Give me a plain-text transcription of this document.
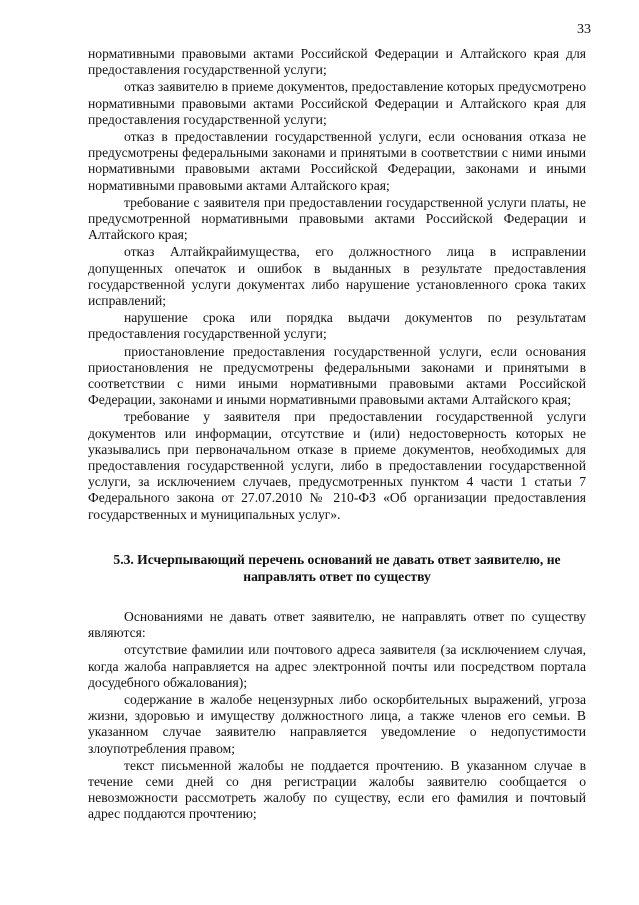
33

нормативными правовыми актами Российской Федерации и Алтайского края для предоставления государственной услуги;

отказ заявителю в приеме документов, предоставление которых предусмотрено нормативными правовыми актами Российской Федерации и Алтайского края для предоставления государственной услуги;

отказ в предоставлении государственной услуги, если основания отказа не предусмотрены федеральными законами и принятыми в соответствии с ними иными нормативными правовыми актами Российской Федерации, законами и иными нормативными правовыми актами Алтайского края;

требование с заявителя при предоставлении государственной услуги платы, не предусмотренной нормативными правовыми актами Российской Федерации и Алтайского края;

отказ Алтайкрайимущества, его должностного лица в исправлении допущенных опечаток и ошибок в выданных в результате предоставления государственной услуги документах либо нарушение установленного срока таких исправлений;

нарушение срока или порядка выдачи документов по результатам предоставления государственной услуги;

приостановление предоставления государственной услуги, если основания приостановления не предусмотрены федеральными законами и принятыми в соответствии с ними иными нормативными правовыми актами Российской Федерации, законами и иными нормативными правовыми актами Алтайского края;

требование у заявителя при предоставлении государственной услуги документов или информации, отсутствие и (или) недостоверность которых не указывались при первоначальном отказе в приеме документов, необходимых для предоставления государственной услуги, либо в предоставлении государственной услуги, за исключением случаев, предусмотренных пунктом 4 части 1 статьи 7 Федерального закона от 27.07.2010 № 210-ФЗ «Об организации предоставления государственных и муниципальных услуг».

5.3. Исчерпывающий перечень оснований не давать ответ заявителю, не направлять ответ по существу

Основаниями не давать ответ заявителю, не направлять ответ по существу являются:

отсутствие фамилии или почтового адреса заявителя (за исключением случая, когда жалоба направляется на адрес электронной почты или посредством портала досудебного обжалования);

содержание в жалобе нецензурных либо оскорбительных выражений, угроза жизни, здоровью и имуществу должностного лица, а также членов его семьи. В указанном случае заявителю направляется уведомление о недопустимости злоупотребления правом;

текст письменной жалобы не поддается прочтению. В указанном случае в течение семи дней со дня регистрации жалобы заявителю сообщается о невозможности рассмотреть жалобу по существу, если его фамилия и почтовый адрес поддаются прочтению;
